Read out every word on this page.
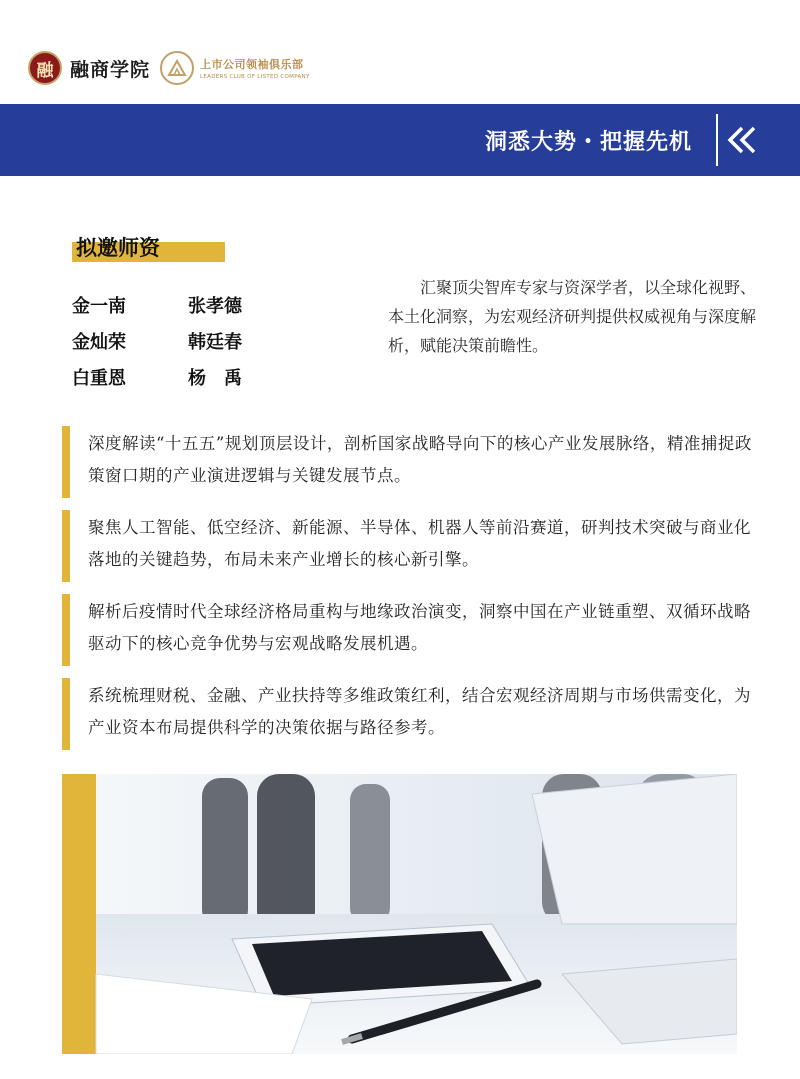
融 融商学院	上市公司领袖俱乐部
LEADERS CLUB OF LISTED COMPANY
洞悉大势・把握先机
拟邀师资
金一南	张孝德
金灿荣	韩廷春
白重恩	杨　禹
汇聚顶尖智库专家与资深学者，以全球化视野、本土化洞察，为宏观经济研判提供权威视角与深度解析，赋能决策前瞻性。

深度解读“十五五”规划顶层设计，剖析国家战略导向下的核心产业发展脉络，精准捕捉政策窗口期的产业演进逻辑与关键发展节点。

聚焦人工智能、低空经济、新能源、半导体、机器人等前沿赛道，研判技术突破与商业化落地的关键趋势，布局未来产业增长的核心新引擎。

解析后疫情时代全球经济格局重构与地缘政治演变，洞察中国在产业链重塑、双循环战略驱动下的核心竞争优势与宏观战略发展机遇。

系统梳理财税、金融、产业扶持等多维政策红利，结合宏观经济周期与市场供需变化，为产业资本布局提供科学的决策依据与路径参考。
